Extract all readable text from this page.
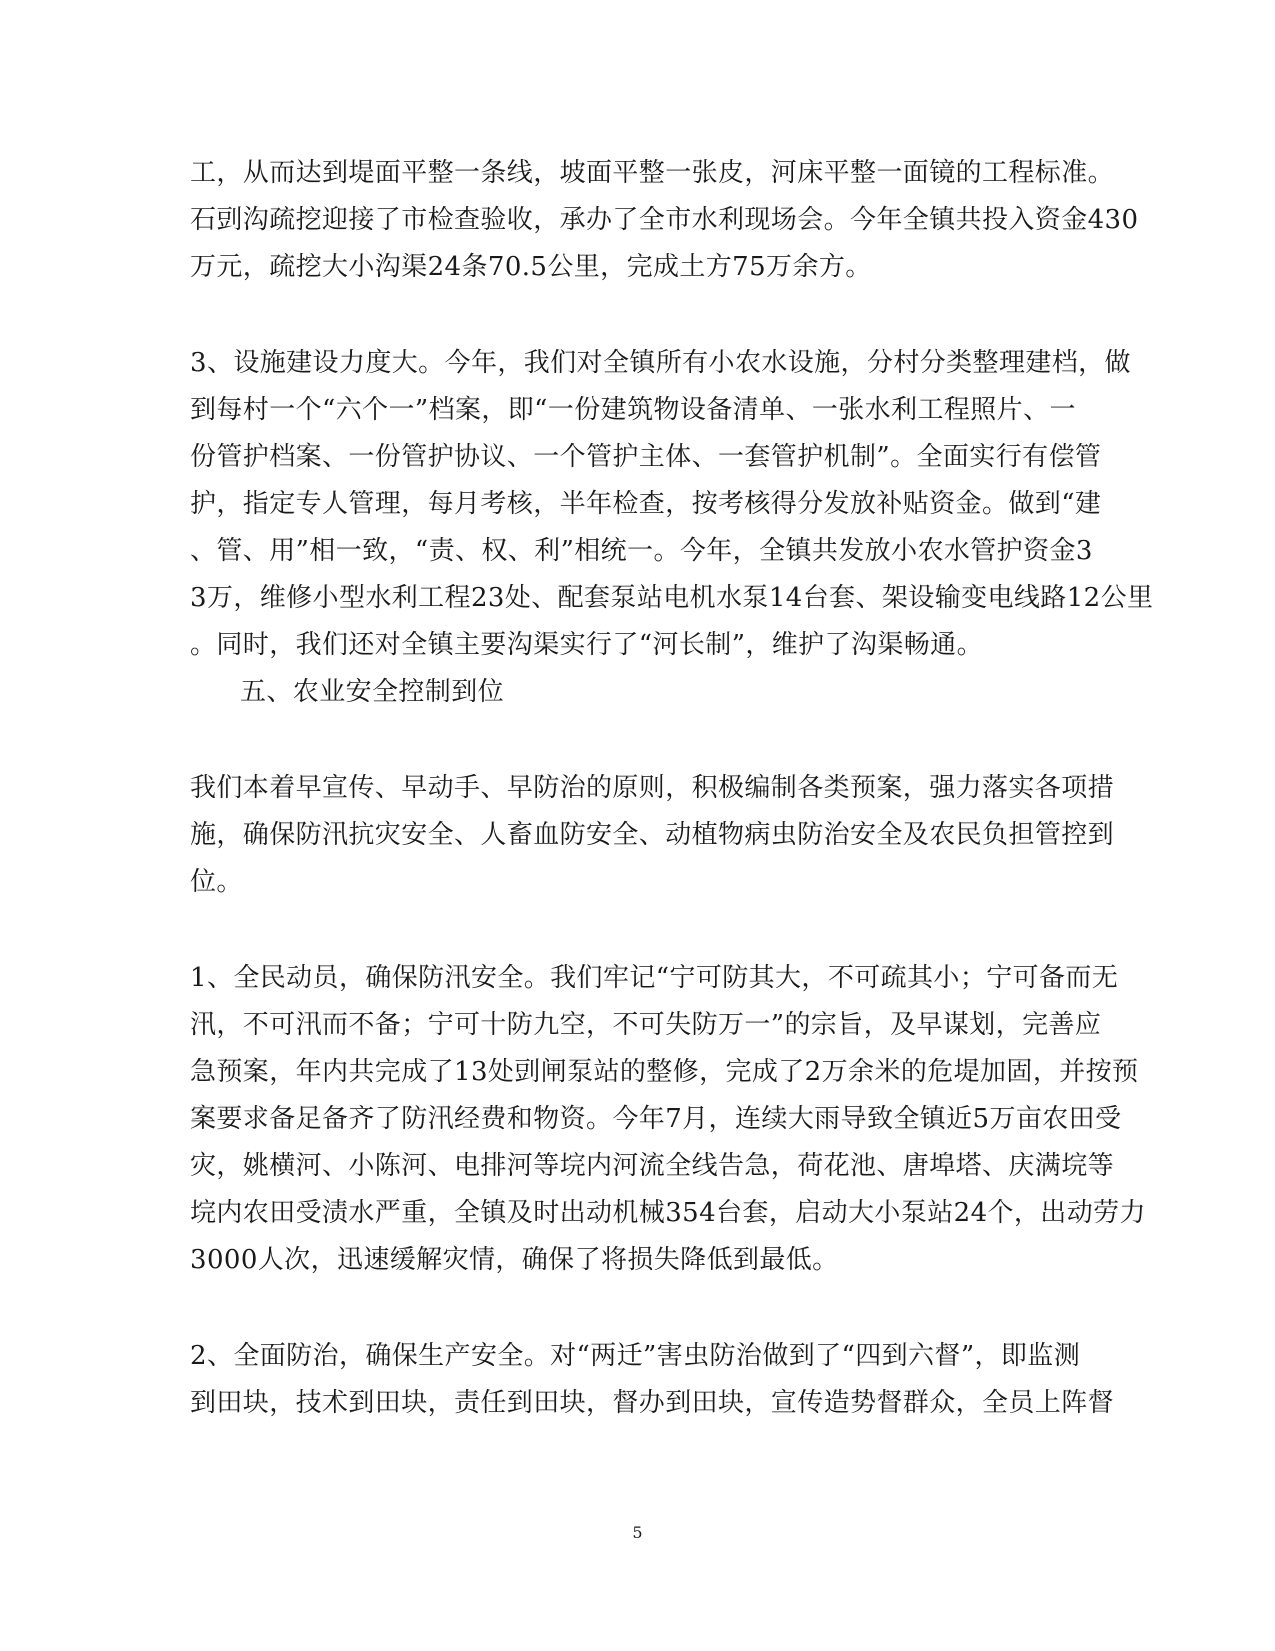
工，从而达到堤面平整一条线，坡面平整一张皮，河床平整一面镜的工程标准。
石剅沟疏挖迎接了市检查验收，承办了全市水利现场会。今年全镇共投入资金430
万元，疏挖大小沟渠24条70.5公里，完成土方75万余方。
3、设施建设力度大。今年，我们对全镇所有小农水设施，分村分类整理建档，做
到每村一个“六个一”档案，即“一份建筑物设备清单、一张水利工程照片、一
份管护档案、一份管护协议、一个管护主体、一套管护机制”。全面实行有偿管
护，指定专人管理，每月考核，半年检查，按考核得分发放补贴资金。做到“建
、管、用”相一致，“责、权、利”相统一。今年，全镇共发放小农水管护资金3
3万，维修小型水利工程23处、配套泵站电机水泵14台套、架设输变电线路12公里
。同时，我们还对全镇主要沟渠实行了“河长制”，维护了沟渠畅通。
五、农业安全控制到位
我们本着早宣传、早动手、早防治的原则，积极编制各类预案，强力落实各项措
施，确保防汛抗灾安全、人畜血防安全、动植物病虫防治安全及农民负担管控到
位。
1、全民动员，确保防汛安全。我们牢记“宁可防其大，不可疏其小；宁可备而无
汛，不可汛而不备；宁可十防九空，不可失防万一”的宗旨，及早谋划，完善应
急预案，年内共完成了13处剅闸泵站的整修，完成了2万余米的危堤加固，并按预
案要求备足备齐了防汛经费和物资。今年7月，连续大雨导致全镇近5万亩农田受
灾，姚横河、小陈河、电排河等垸内河流全线告急，荷花池、唐埠塔、庆满垸等
垸内农田受渍水严重，全镇及时出动机械354台套，启动大小泵站24个，出动劳力
3000人次，迅速缓解灾情，确保了将损失降低到最低。
2、全面防治，确保生产安全。对“两迁”害虫防治做到了“四到六督”，即监测
到田块，技术到田块，责任到田块，督办到田块，宣传造势督群众，全员上阵督
5
